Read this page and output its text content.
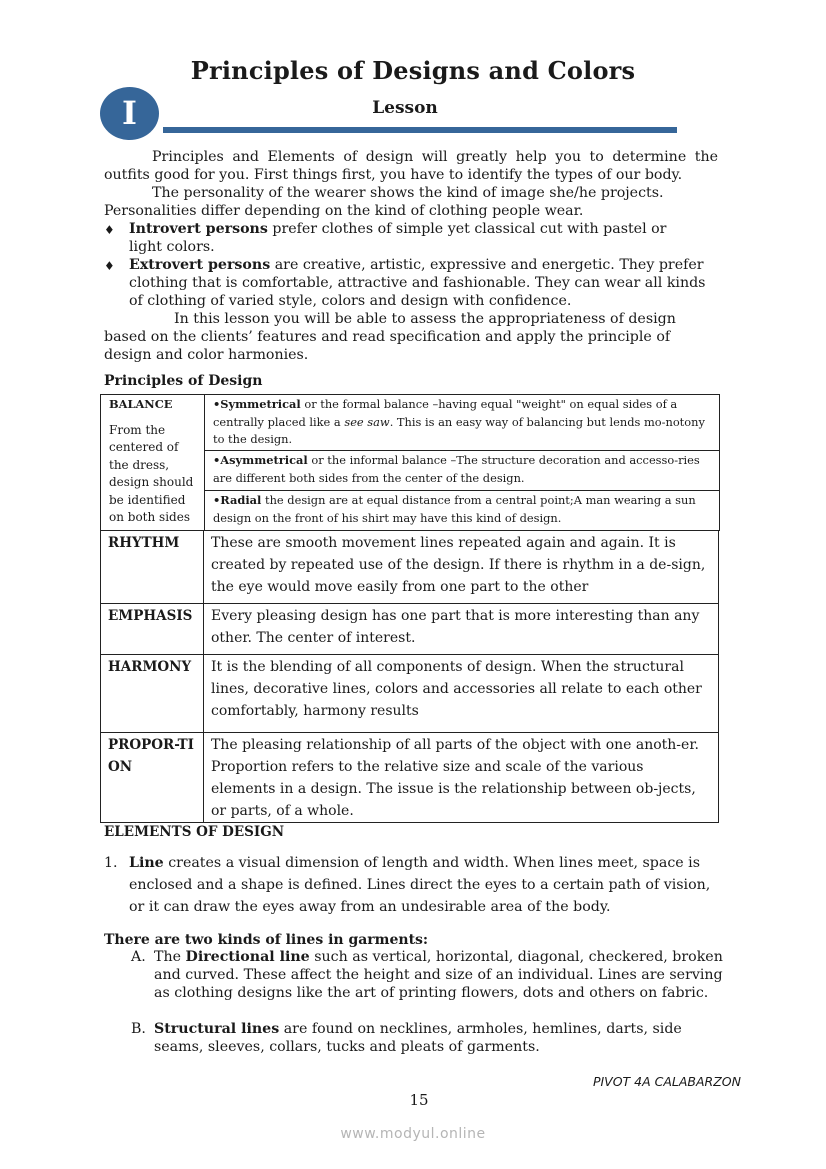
Principles of Designs and Colors
I	Lesson
Principles and Elements of design will greatly help you to determine the
outfits good for you. First things first, you have to identify the types of our body.
The personality of the wearer shows the kind of image she/he projects.
Personalities differ depending on the kind of clothing people wear.
♦ Introvert persons prefer clothes of simple yet classical cut with pastel or light colors.
♦ Extrovert persons are creative, artistic, expressive and energetic. They prefer clothing that is comfortable, attractive and fashionable. They can wear all kinds of clothing of varied style, colors and design with confidence.
In this lesson you will be able to assess the appropriateness of design
based on the clients’ features and read specification and apply the principle of design and color harmonies.
Principles of Design
BALANCE
From the centered of the dress, design should be identified on both sides
	•Symmetrical or the formal balance –having equal "weight" on equal sides of a centrally placed like a see saw. This is an easy way of balancing but lends mo-notony to the design.
•Asymmetrical or the informal balance –The structure decoration and accesso-ries are different both sides from the center of the design.
•Radial the design are at equal distance from a central point;A man wearing a sun design on the front of his shirt may have this kind of design.
RHYTHM	These are smooth movement lines repeated again and again. It is created by repeated use of the design. If there is rhythm in a de-sign, the eye would move easily from one part to the other
EMPHASIS	Every pleasing design has one part that is more interesting than any other. The center of interest.
HARMONY	It is the blending of all components of design. When the structural lines, decorative lines, colors and accessories all relate to each other comfortably, harmony results
PROPOR-TION	The pleasing relationship of all parts of the object with one anoth-er. Proportion refers to the relative size and scale of the various elements in a design. The issue is the relationship between ob-jects, or parts, of a whole.
ELEMENTS OF DESIGN
1. Line creates a visual dimension of length and width. When lines meet, space is enclosed and a shape is defined. Lines direct the eyes to a certain path of vision, or it can draw the eyes away from an undesirable area of the body.
There are two kinds of lines in garments:
A. The Directional line such as vertical, horizontal, diagonal, checkered, broken and curved. These affect the height and size of an individual. Lines are serving as clothing designs like the art of printing flowers, dots and others on fabric.
B. Structural lines are found on necklines, armholes, hemlines, darts, side seams, sleeves, collars, tucks and pleats of garments.
PIVOT 4A CALABARZON
15
www.modyul.online
